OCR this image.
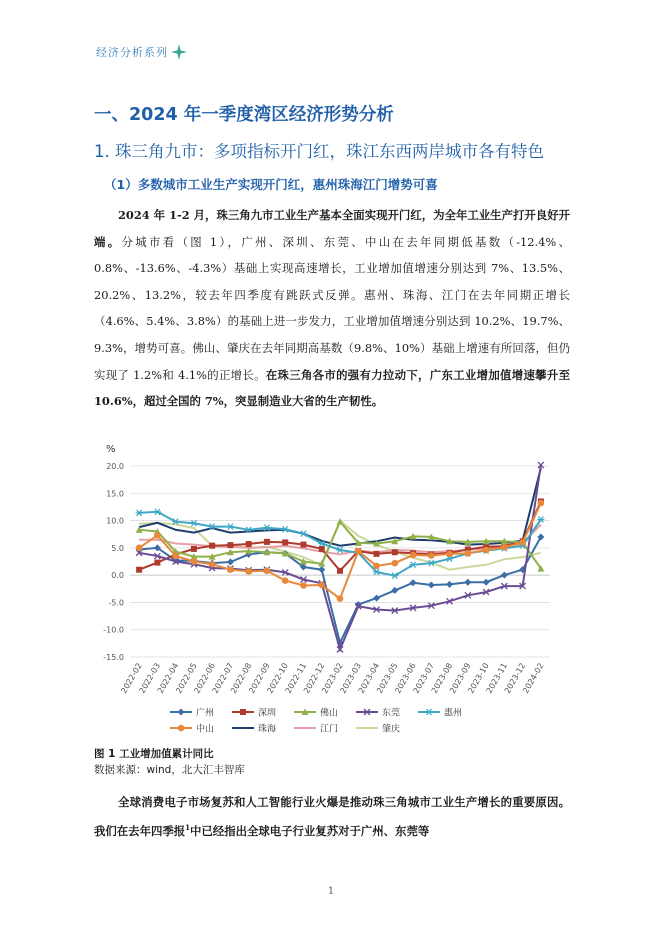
经济分析系列
一、2024 年一季度湾区经济形势分析
1. 珠三角九市：多项指标开门红，珠江东西两岸城市各有特色
（1）多数城市工业生产实现开门红，惠州珠海江门增势可喜
2024 年 1-2 月，珠三角九市工业生产基本全面实现开门红，为全年工业生产打开良好开端。分城市看（图 1），广州、深圳、东莞、中山在去年同期低基数（-12.4%、0.8%、-13.6%、-4.3%）基础上实现高速增长，工业增加值增速分别达到 7%、13.5%、20.2%、13.2%，较去年四季度有跳跃式反弹。惠州、珠海、江门在去年同期正增长（4.6%、5.4%、3.8%）的基础上进一步发力，工业增加值增速分别达到 10.2%、19.7%、9.3%，增势可喜。佛山、肇庆在去年同期高基数（9.8%、10%）基础上增速有所回落，但仍实现了 1.2%和 4.1%的正增长。在珠三角各市的强有力拉动下，广东工业增加值增速攀升至 10.6%，超过全国的 7%，突显制造业大省的生产韧性。
%
20.0
15.0
10.0
5.0
0.0
-5.0
-10.0
-15.0
2022-02
2022-03
2022-04
2022-05
2022-06
2022-07
2022-08
2022-09
2022-10
2022-11
2022-12
2023-02
2023-03
2023-04
2023-05
2023-06
2023-07
2023-08
2023-09
2023-10
2023-11
2023-12
2024-02
广州	深圳	佛山	东莞	惠州
中山	珠海	江门	肇庆
图 1 工业增加值累计同比
数据来源：wind，北大汇丰智库
全球消费电子市场复苏和人工智能行业火爆是推动珠三角城市工业生产增长的重要原因。我们在去年四季报$^1$中已经指出全球电子行业复苏对于广州、东莞等
1
